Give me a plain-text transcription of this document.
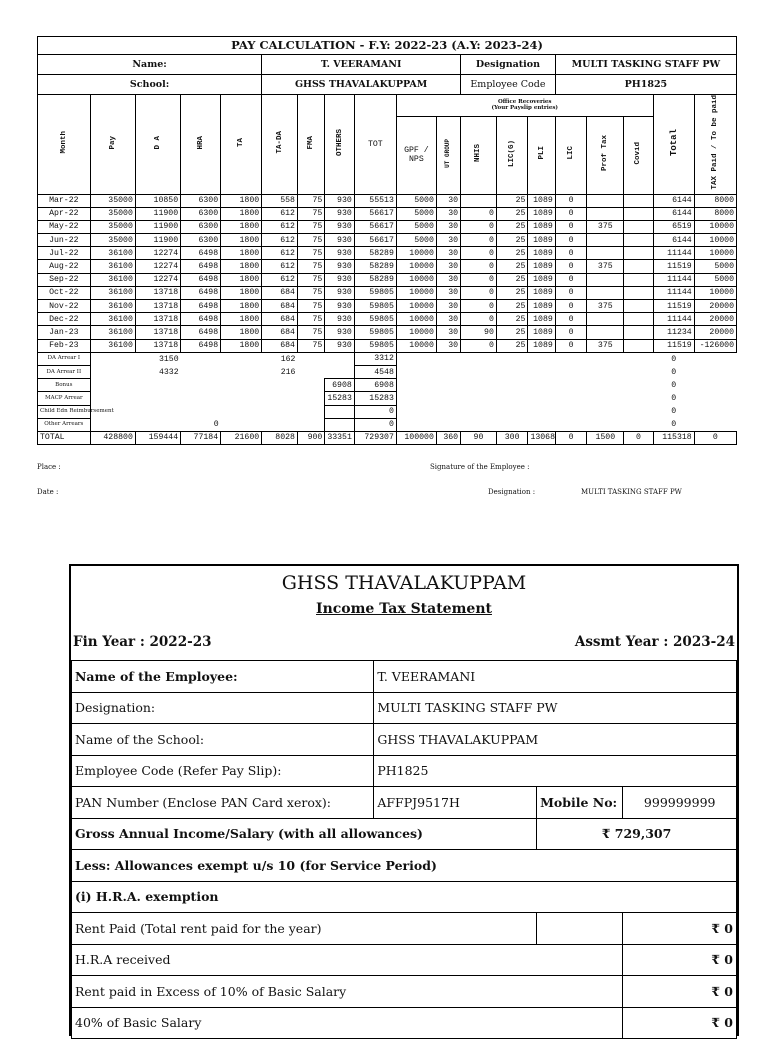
PAY CALCULATION - F.Y: 2022-23 (A.Y: 2023-24)																		
Name:					T. VEERAMANI						Designation			MULTI TASKING STAFF PW				
School:					GHSS THAVALAKUPPAM						Employee Code			PH1825				
Month	Pay	D A	HRA	TA	TA-DA	FMA	OTHERS	TOT	Office Recoveries
(Your Payslip entries)								Total	TAX Paid / To be paid
									GPF / NPS	UT GROUP	NHIS	LIC(G)	PLI	LIC	Prof Tax	Covid		
Mar-22	35000	10850	6300	1800	558	75	930	55513	5000	30		25	1089	0			6144	8000
Apr-22	35000	11900	6300	1800	612	75	930	56617	5000	30	0	25	1089	0			6144	8000
May-22	35000	11900	6300	1800	612	75	930	56617	5000	30	0	25	1089	0	375		6519	10000
Jun-22	35000	11900	6300	1800	612	75	930	56617	5000	30	0	25	1089	0			6144	10000
Jul-22	36100	12274	6498	1800	612	75	930	58289	10000	30	0	25	1089	0			11144	10000
Aug-22	36100	12274	6498	1800	612	75	930	58289	10000	30	0	25	1089	0	375		11519	5000
Sep-22	36100	12274	6498	1800	612	75	930	58289	10000	30	0	25	1089	0			11144	5000
Oct-22	36100	13718	6498	1800	684	75	930	59805	10000	30	0	25	1089	0			11144	10000
Nov-22	36100	13718	6498	1800	684	75	930	59805	10000	30	0	25	1089	0	375		11519	20000
Dec-22	36100	13718	6498	1800	684	75	930	59805	10000	30	0	25	1089	0			11144	20000
Jan-23	36100	13718	6498	1800	684	75	930	59805	10000	30	90	25	1089	0			11234	20000
Feb-23	36100	13718	6498	1800	684	75	930	59805	10000	30	0	25	1089	0	375		11519	-126000
DA Arrear I		3150			162			3312									0	
DA Arrear II		4332			216			4548									0	
Bonus							6908	6908									0	
MACP Arrear							15283	15283									0	
Child Edn Reimbursement								0									0	
Other Arrears			0					0									0	
TOTAL	428800	159444	77184	21600	8028	900	33351	729307	100000	360	90	300	13068	0	1500	0	115318	0
Place :	Signature of the Employee :
Date :	Designation :	MULTI TASKING STAFF PW
GHSS THAVALAKUPPAM
Income Tax Statement
Fin Year : 2022-23	Assmt Year : 2023-24
Name of the Employee:	T. VEERAMANI		
Designation:	MULTI TASKING STAFF PW		
Name of the School:	GHSS THAVALAKUPPAM		
Employee Code (Refer Pay Slip):	PH1825		
PAN Number (Enclose PAN Card xerox):	AFFPJ9517H	Mobile No:	999999999
Gross Annual Income/Salary (with all allowances)		₹ 729,307	
Less: Allowances exempt u/s 10 (for Service Period)			
(i) H.R.A. exemption			
Rent Paid (Total rent paid for the year)			₹ 0
H.R.A received			₹ 0
Rent paid in Excess of 10% of Basic Salary			₹ 0
40% of Basic Salary			₹ 0
